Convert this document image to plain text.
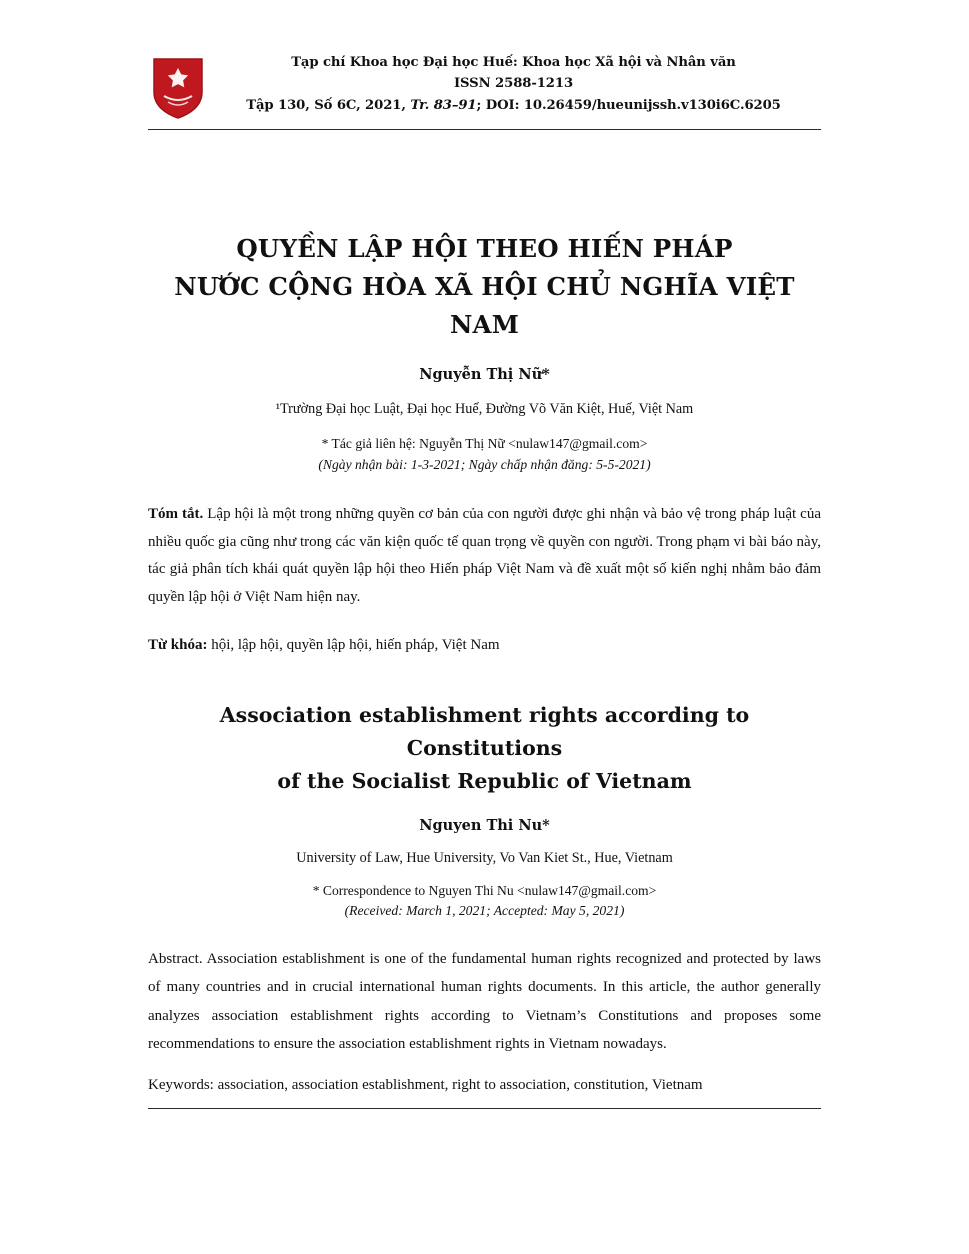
Tạp chí Khoa học Đại học Huế: Khoa học Xã hội và Nhân văn
ISSN 2588-1213
Tập 130, Số 6C, 2021, Tr. 83–91; DOI: 10.26459/hueunijssh.v130i6C.6205
QUYỀN LẬP HỘI THEO HIẾN PHÁP
NƯỚC CỘNG HÒA XÃ HỘI CHỦ NGHĨA VIỆT NAM
Nguyễn Thị Nữ*
¹Trường Đại học Luật, Đại học Huế, Đường Võ Văn Kiệt, Huế, Việt Nam
* Tác giả liên hệ: Nguyễn Thị Nữ <nulaw147@gmail.com>
(Ngày nhận bài: 1-3-2021; Ngày chấp nhận đăng: 5-5-2021)
Tóm tắt. Lập hội là một trong những quyền cơ bản của con người được ghi nhận và bảo vệ trong pháp luật của nhiều quốc gia cũng như trong các văn kiện quốc tế quan trọng về quyền con người. Trong phạm vi bài báo này, tác giả phân tích khái quát quyền lập hội theo Hiến pháp Việt Nam và đề xuất một số kiến nghị nhằm bảo đảm quyền lập hội ở Việt Nam hiện nay.
Từ khóa: hội, lập hội, quyền lập hội, hiến pháp, Việt Nam
Association establishment rights according to Constitutions
of the Socialist Republic of Vietnam
Nguyen Thi Nu*
University of Law, Hue University, Vo Van Kiet St., Hue, Vietnam
* Correspondence to Nguyen Thi Nu <nulaw147@gmail.com>
(Received: March 1, 2021; Accepted: May 5, 2021)
Abstract. Association establishment is one of the fundamental human rights recognized and protected by laws of many countries and in crucial international human rights documents. In this article, the author generally analyzes association establishment rights according to Vietnam’s Constitutions and proposes some recommendations to ensure the association establishment rights in Vietnam nowadays.
Keywords: association, association establishment, right to association, constitution, Vietnam
